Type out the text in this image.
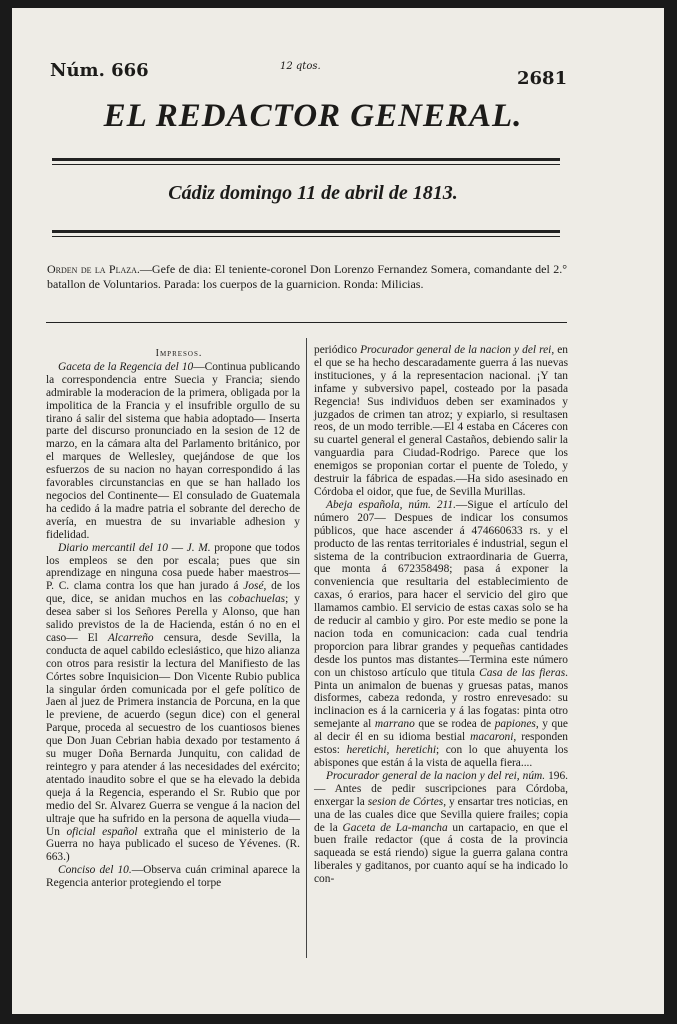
Núm. 666	12 qtos.
2681
EL REDACTOR GENERAL.
Cádiz domingo 11 de abril de 1813.
Orden de la Plaza.—Gefe de dia: El teniente-coronel Don Lorenzo Fernandez Somera, comandante del 2.° batallon de Voluntarios. Parada: los cuerpos de la guarnicion. Ronda: Milicias.

Impresos.

Gaceta de la Regencia del 10—Continua publicando la correspondencia entre Suecia y Francia; siendo admirable la moderacion de la primera, obligada por la impolitica de la Francia y el insufrible orgullo de su tirano á salir del sistema que habia adoptado— Inserta parte del discurso pronunciado en la sesion de 12 de marzo, en la cámara alta del Parlamento británico, por el marques de Wellesley, quejándose de que los esfuerzos de su nacion no hayan correspondido á las favorables circunstancias en que se han hallado los negocios del Continente— El consulado de Guatemala ha cedido á la madre patria el sobrante del derecho de avería, en muestra de su invariable adhesion y fidelidad.

Diario mercantil del 10 — J. M. propone que todos los empleos se den por escala; pues que sin aprendizage en ninguna cosa puede haber maestros— P. C. clama contra los que han jurado á José, de los que, dice, se anidan muchos en las cobachuelas; y desea saber si los Señores Perella y Alonso, que han salido previstos de la de Hacienda, están ó no en el caso— El Alcarreño censura, desde Sevilla, la conducta de aquel cabildo eclesiástico, que hizo alianza con otros para resistir la lectura del Manifiesto de las Córtes sobre Inquisicion— Don Vicente Rubio publica la singular órden comunicada por el gefe político de Jaen al juez de Primera instancia de Porcuna, en la que le previene, de acuerdo (segun dice) con el general Parque, proceda al secuestro de los cuantiosos bienes que Don Juan Cebrian habia dexado por testamento á su muger Doña Bernarda Junquitu, con calidad de reintegro y para atender á las necesidades del exército; atentado inaudito sobre el que se ha elevado la debida queja á la Regencia, esperando el Sr. Rubio que por medio del Sr. Alvarez Guerra se vengue á la nacion del ultraje que ha sufrido en la persona de aquella viuda—Un oficial español extraña que el ministerio de la Guerra no haya publicado el suceso de Yévenes. (R. 663.)

Conciso del 10.—Observa cuán criminal aparece la Regencia anterior protegiendo el torpe

periódico Procurador general de la nacion y del rei, en el que se ha hecho descaradamente guerra á las nuevas instituciones, y á la representacion nacional. ¡Y tan infame y subversivo papel, costeado por la pasada Regencia! Sus individuos deben ser examinados y juzgados de crimen tan atroz; y expiarlo, si resultasen reos, de un modo terrible.—El 4 estaba en Cáceres con su cuartel general el general Castaños, debiendo salir la vanguardia para Ciudad-Rodrigo. Parece que los enemigos se proponian cortar el puente de Toledo, y destruir la fábrica de espadas.—Ha sido asesinado en Córdoba el oidor, que fue, de Sevilla Murillas.

Abeja española, núm. 211.—Sigue el artículo del número 207— Despues de indicar los consumos públicos, que hace ascender á 474660633 rs. y el producto de las rentas territoriales é industrial, segun el sistema de la contribucion extraordinaria de Guerra, que monta á 672358498; pasa á exponer la conveniencia que resultaria del establecimiento de caxas, ó erarios, para hacer el servicio del giro que llamamos cambio. El servicio de estas caxas solo se ha de reducir al cambio y giro. Por este medio se pone la nacion toda en comunicacion: cada cual tendria proporcion para librar grandes y pequeñas cantidades desde los puntos mas distantes—Termina este número con un chistoso artículo que titula Casa de las fieras. Pinta un animalon de buenas y gruesas patas, manos disformes, cabeza redonda, y rostro enrevesado: su inclinacion es á la carniceria y á las fogatas: pinta otro semejante al marrano que se rodea de papiones, y que al decir él en su idioma bestial macaroni, responden estos: heretichi, heretichi; con lo que ahuyenta los abispones que están á la vista de aquella fiera....

Procurador general de la nacion y del rei, núm. 196. — Antes de pedir suscripciones para Córdoba, enxergar la sesion de Córtes, y ensartar tres noticias, en una de las cuales dice que Sevilla quiere frailes; copia de la Gaceta de La-mancha un cartapacio, en que el buen fraile redactor (que á costa de la provincia saqueada se está riendo) sigue la guerra galana contra liberales y gaditanos, por cuanto aquí se ha indicado lo con-
